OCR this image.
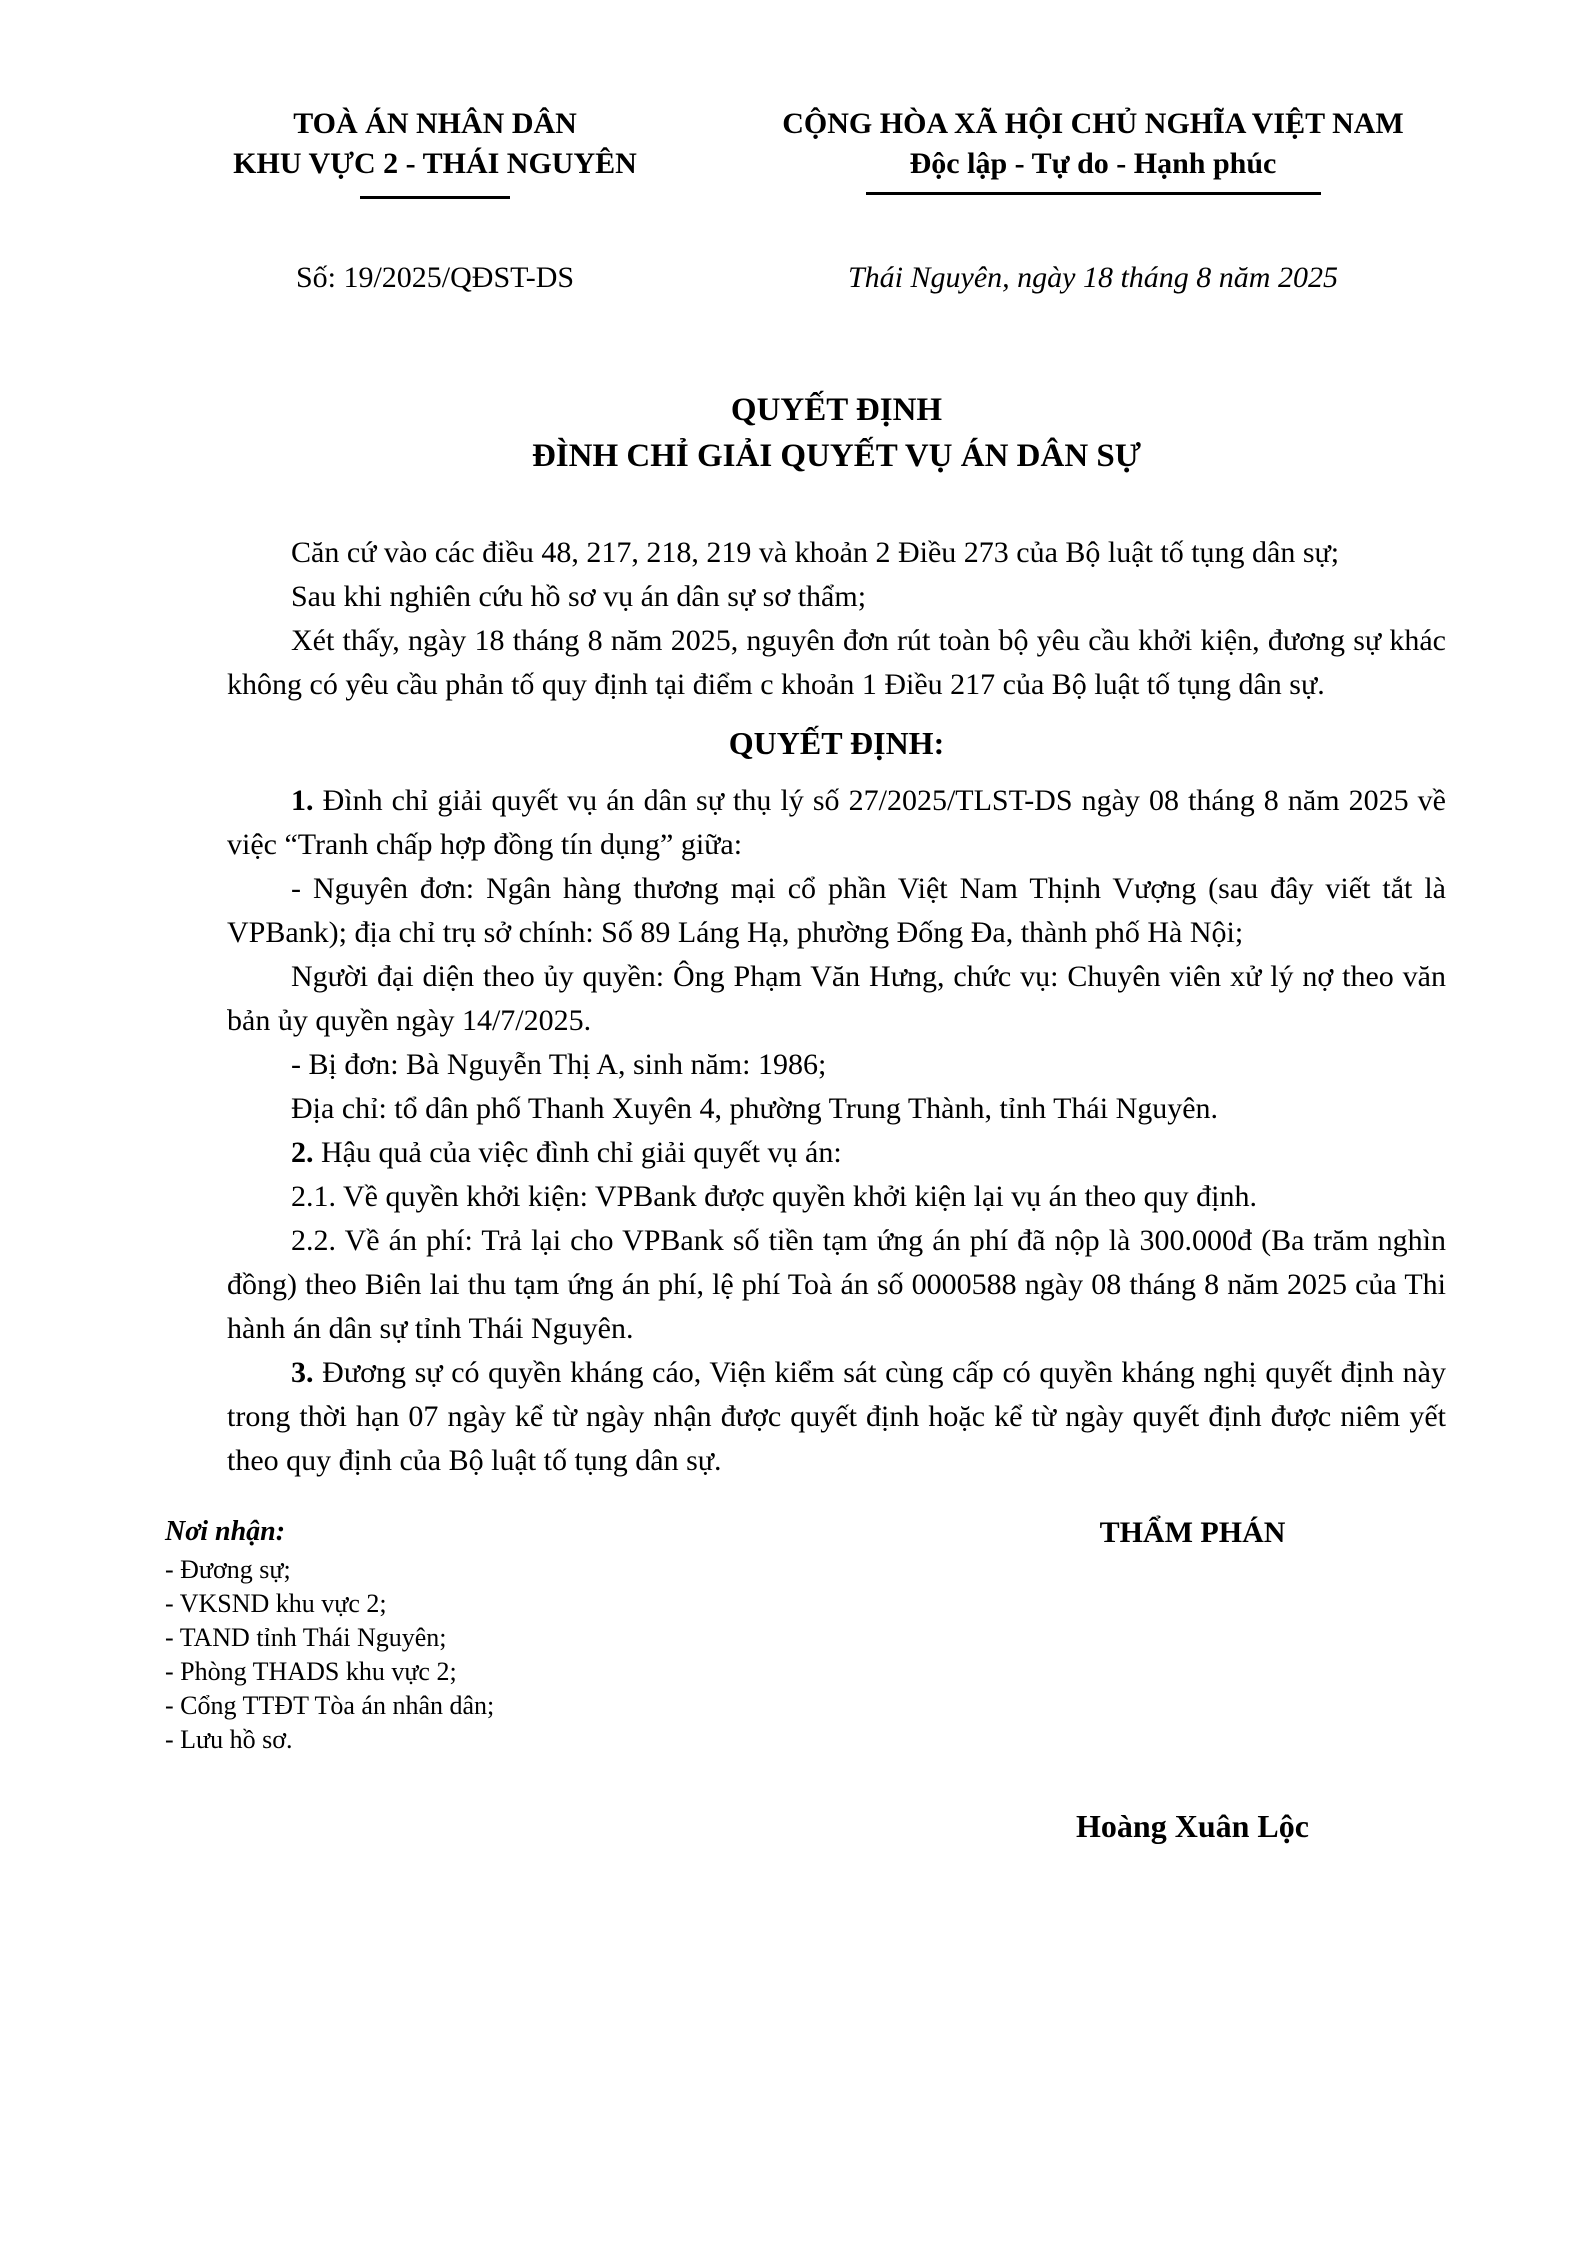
TOÀ ÁN NHÂN DÂN
KHU VỰC 2 - THÁI NGUYÊN
CỘNG HÒA XÃ HỘI CHỦ NGHĨA VIỆT NAM
Độc lập - Tự do - Hạnh phúc
Số: 19/2025/QĐST-DS	Thái Nguyên, ngày 18 tháng 8 năm 2025
QUYẾT ĐỊNH
ĐÌNH CHỈ GIẢI QUYẾT VỤ ÁN DÂN SỰ

Căn cứ vào các điều 48, 217, 218, 219 và khoản 2 Điều 273 của Bộ luật tố tụng dân sự;

Sau khi nghiên cứu hồ sơ vụ án dân sự sơ thẩm;

Xét thấy, ngày 18 tháng 8 năm 2025, nguyên đơn rút toàn bộ yêu cầu khởi kiện, đương sự khác không có yêu cầu phản tố quy định tại điểm c khoản 1 Điều 217 của Bộ luật tố tụng dân sự.

QUYẾT ĐỊNH:

1. Đình chỉ giải quyết vụ án dân sự thụ lý số 27/2025/TLST-DS ngày 08 tháng 8 năm 2025 về việc “Tranh chấp hợp đồng tín dụng” giữa:

- Nguyên đơn: Ngân hàng thương mại cổ phần Việt Nam Thịnh Vượng (sau đây viết tắt là VPBank); địa chỉ trụ sở chính: Số 89 Láng Hạ, phường Đống Đa, thành phố Hà Nội;

Người đại diện theo ủy quyền: Ông Phạm Văn Hưng, chức vụ: Chuyên viên xử lý nợ theo văn bản ủy quyền ngày 14/7/2025.

- Bị đơn: Bà Nguyễn Thị A, sinh năm: 1986;

Địa chỉ: tổ dân phố Thanh Xuyên 4, phường Trung Thành, tỉnh Thái Nguyên.

2. Hậu quả của việc đình chỉ giải quyết vụ án:

2.1. Về quyền khởi kiện: VPBank được quyền khởi kiện lại vụ án theo quy định.

2.2. Về án phí: Trả lại cho VPBank số tiền tạm ứng án phí đã nộp là 300.000đ (Ba trăm nghìn đồng) theo Biên lai thu tạm ứng án phí, lệ phí Toà án số 0000588 ngày 08 tháng 8 năm 2025 của Thi hành án dân sự tỉnh Thái Nguyên.

3. Đương sự có quyền kháng cáo, Viện kiểm sát cùng cấp có quyền kháng nghị quyết định này trong thời hạn 07 ngày kể từ ngày nhận được quyết định hoặc kể từ ngày quyết định được niêm yết theo quy định của Bộ luật tố tụng dân sự.

Nơi nhận:
- Đương sự;
- VKSND khu vực 2;
- TAND tỉnh Thái Nguyên;
- Phòng THADS khu vực 2;
- Cổng TTĐT Tòa án nhân dân;
- Lưu hồ sơ.
THẨM PHÁN
Hoàng Xuân Lộc
